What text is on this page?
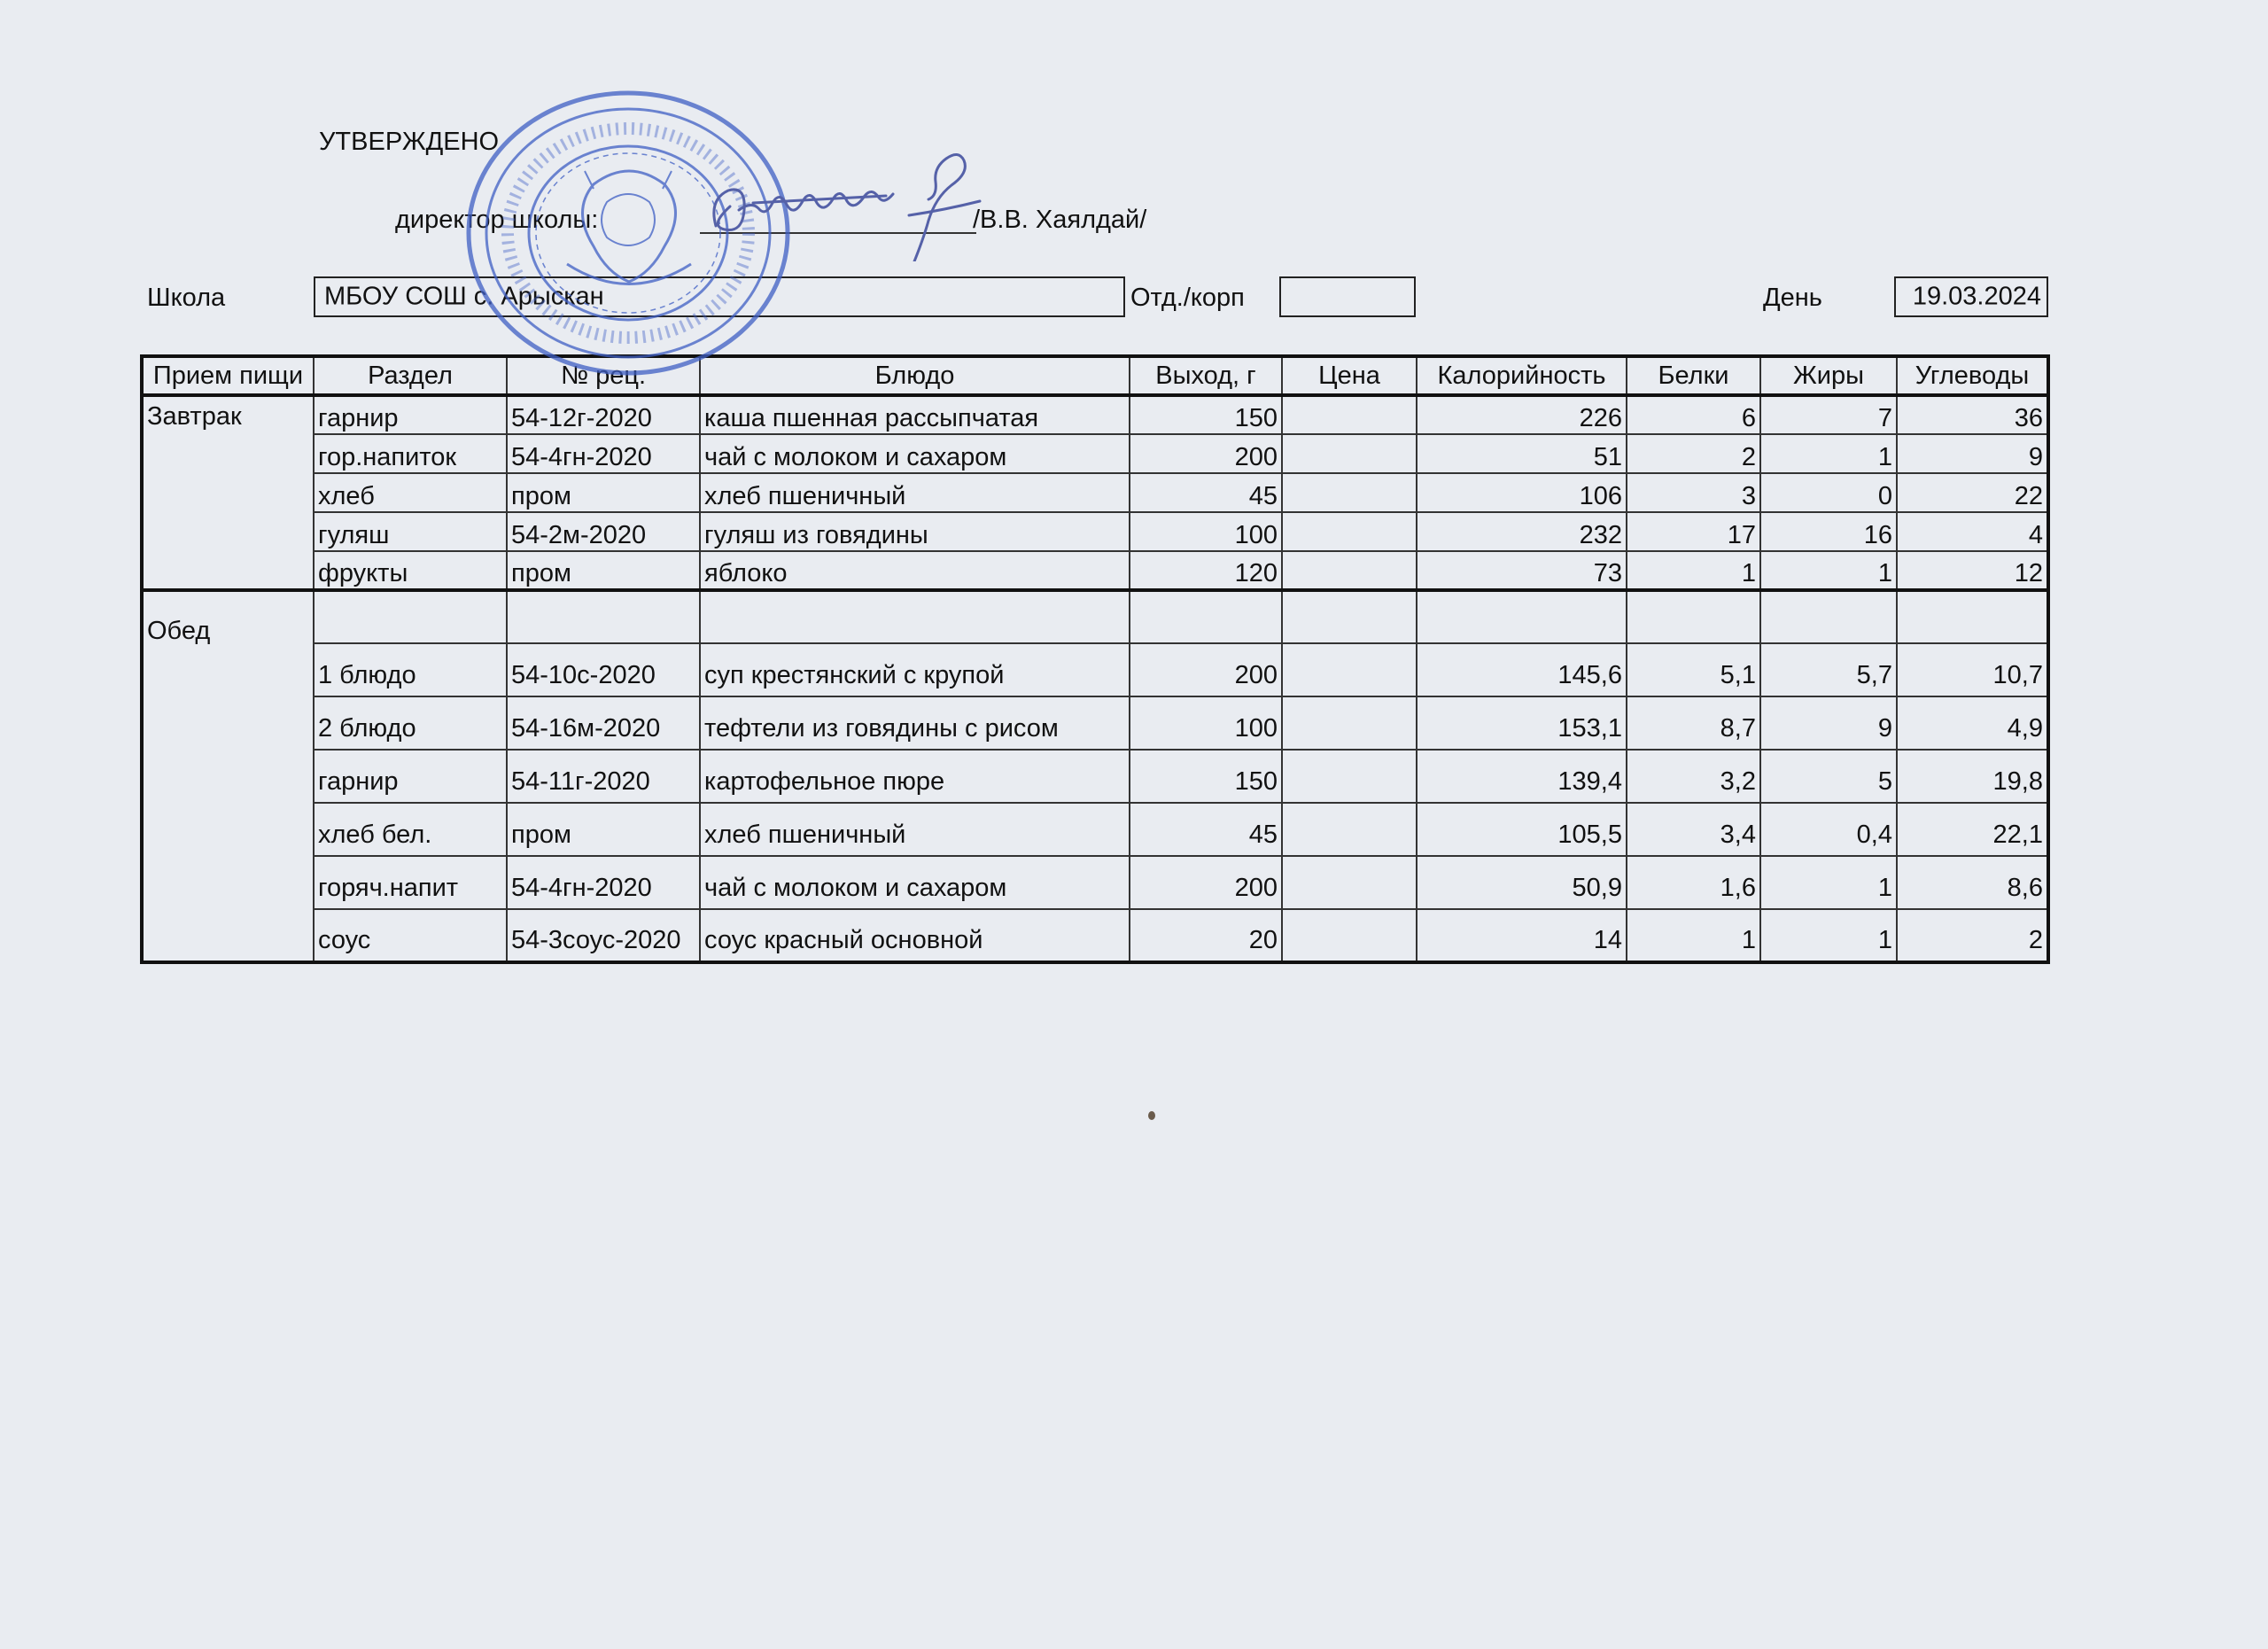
УТВЕРЖДЕНО
директор школы:	/В.В. Хаялдай/
Школа	МБОУ СОШ с. Арыскан	Отд./корп	День	19.03.2024
Прием пищи	Раздел	№ рец.	Блюдо	Выход, г	Цена	Калорийность	Белки	Жиры	Углеводы
Завтрак	гарнир	54-12г-2020	каша пшенная рассыпчатая	150		226	6	7	36
	гор.напиток	54-4гн-2020	чай с молоком и сахаром	200		51	2	1	9
	хлеб	пром	хлеб пшеничный	45		106	3	0	22
	гуляш	54-2м-2020	гуляш из говядины	100		232	17	16	4
	фрукты	пром	яблоко	120		73	1	1	12
Обед									
	1 блюдо	54-10с-2020	суп крестянский с крупой	200		145,6	5,1	5,7	10,7
	2 блюдо	54-16м-2020	тефтели из говядины с рисом	100		153,1	8,7	9	4,9
	гарнир	54-11г-2020	картофельное пюре	150		139,4	3,2	5	19,8
	хлеб бел.	пром	хлеб пшеничный	45		105,5	3,4	0,4	22,1
	горяч.напит	54-4гн-2020	чай с молоком и сахаром	200		50,9	1,6	1	8,6
	соус	54-3соус-2020	соус красный основной	20		14	1	1	2
